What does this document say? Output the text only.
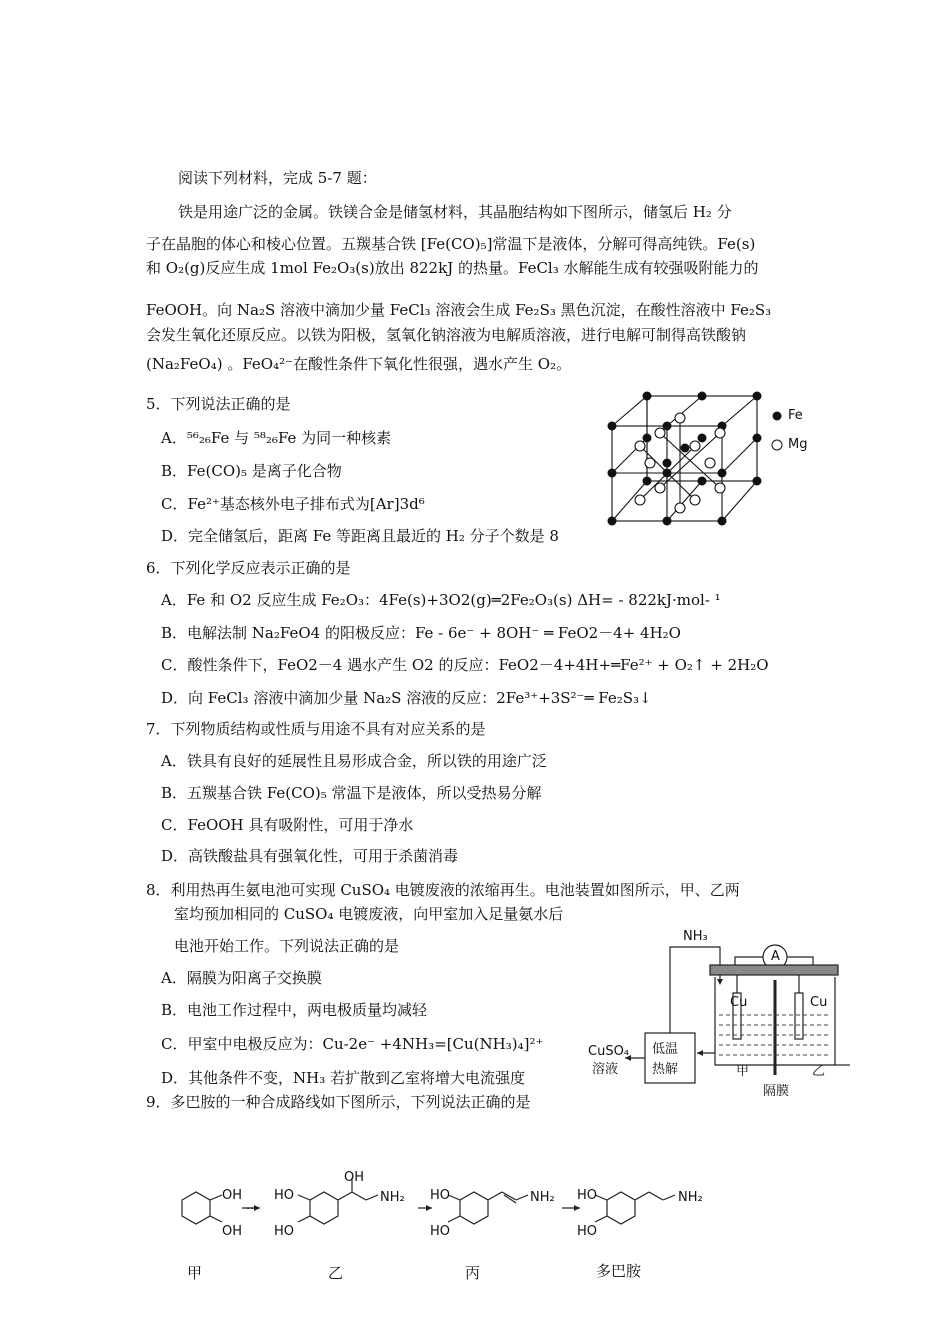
阅读下列材料，完成 5-7 题：
铁是用途广泛的金属。铁镁合金是储氢材料，其晶胞结构如下图所示，储氢后 H₂ 分
子在晶胞的体心和棱心位置。五羰基合铁 [Fe(CO)₅]常温下是液体，分解可得高纯铁。Fe(s)
和 O₂(g)反应生成 1mol Fe₂O₃(s)放出 822kJ 的热量。FeCl₃ 水解能生成有较强吸附能力的
FeOOH。向 Na₂S 溶液中滴加少量 FeCl₃ 溶液会生成 Fe₂S₃ 黑色沉淀，在酸性溶液中 Fe₂S₃
会发生氧化还原反应。以铁为阳极，氢氧化钠溶液为电解质溶液，进行电解可制得高铁酸钠
(Na₂FeO₄) 。FeO₄²⁻在酸性条件下氧化性很强，遇水产生 O₂。
5．下列说法正确的是
A．⁵⁶₂₆Fe 与 ⁵⁸₂₆Fe 为同一种核素
B．Fe(CO)₅ 是离子化合物
C．Fe²⁺基态核外电子排布式为[Ar]3d⁶
D．完全储氢后，距离 Fe 等距离且最近的 H₂ 分子个数是 8
Fe
Mg
6．下列化学反应表示正确的是
A．Fe 和 O2 反应生成 Fe₂O₃：4Fe(s)+3O2(g)═2Fe₂O₃(s) ΔH= - 822kJ·mol- ¹
B．电解法制 Na₂FeO4 的阳极反应：Fe - 6e⁻ + 8OH⁻ ═ FeO2－4+ 4H₂O
C．酸性条件下，FeO2－4 遇水产生 O2 的反应：FeO2－4+4H+═Fe²⁺ + O₂↑ + 2H₂O
D．向 FeCl₃ 溶液中滴加少量 Na₂S 溶液的反应：2Fe³⁺+3S²⁻═ Fe₂S₃↓
7．下列物质结构或性质与用途不具有对应关系的是
A．铁具有良好的延展性且易形成合金，所以铁的用途广泛
B．五羰基合铁 Fe(CO)₅ 常温下是液体，所以受热易分解
C．FeOOH 具有吸附性，可用于净水
D．高铁酸盐具有强氧化性，可用于杀菌消毒
8．利用热再生氨电池可实现 CuSO₄ 电镀废液的浓缩再生。电池装置如图所示，甲、乙两
室均预加相同的 CuSO₄ 电镀废液，向甲室加入足量氨水后
电池开始工作。下列说法正确的是
A．隔膜为阳离子交换膜
B．电池工作过程中，两电极质量均减轻
C．甲室中电极反应为：Cu-2e⁻ +4NH₃=[Cu(NH₃)₄]²⁺
D．其他条件不变，NH₃ 若扩散到乙室将增大电流强度
NH₃
A
Cu	Cu
CuSO₄
溶液
低温
热解	甲	乙
隔膜
9．多巴胺的一种合成路线如下图所示，下列说法正确的是
OH
OH
···
HO
HO
OH
NH₂ HO
HO
NH₂ HO
HO
NH₂
甲	乙	丙	多巴胺
